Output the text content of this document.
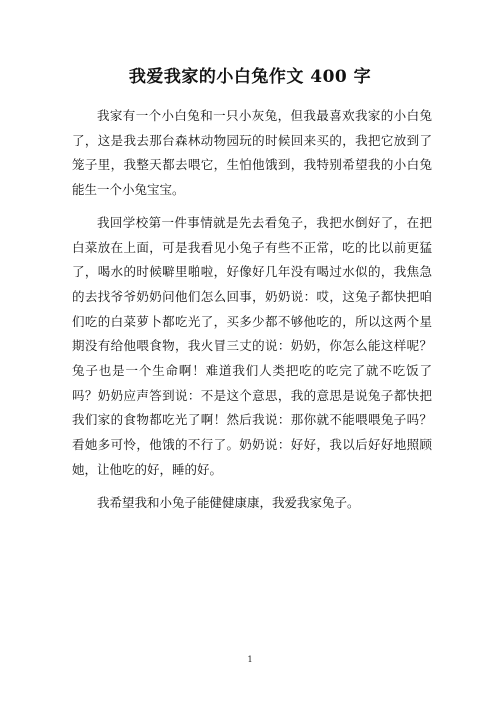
我爱我家的小白兔作文 400 字

我家有一个小白兔和一只小灰兔，但我最喜欢我家的小白兔了，这是我去那台森林动物园玩的时候回来买的，我把它放到了笼子里，我整天都去喂它，生怕他饿到，我特别希望我的小白兔能生一个小兔宝宝。

我回学校第一件事情就是先去看兔子，我把水倒好了，在把白菜放在上面，可是我看见小兔子有些不正常，吃的比以前更猛了，喝水的时候噼里啪啦，好像好几年没有喝过水似的，我焦急的去找爷爷奶奶问他们怎么回事，奶奶说：哎，这兔子都快把咱们吃的白菜萝卜都吃光了，买多少都不够他吃的，所以这两个星期没有给他喂食物，我火冒三丈的说：奶奶，你怎么能这样呢？兔子也是一个生命啊！难道我们人类把吃的吃完了就不吃饭了吗？奶奶应声答到说：不是这个意思，我的意思是说兔子都快把我们家的食物都吃光了啊！然后我说：那你就不能喂喂兔子吗？看她多可怜，他饿的不行了。奶奶说：好好，我以后好好地照顾她，让他吃的好，睡的好。

我希望我和小兔子能健健康康，我爱我家兔子。

1
